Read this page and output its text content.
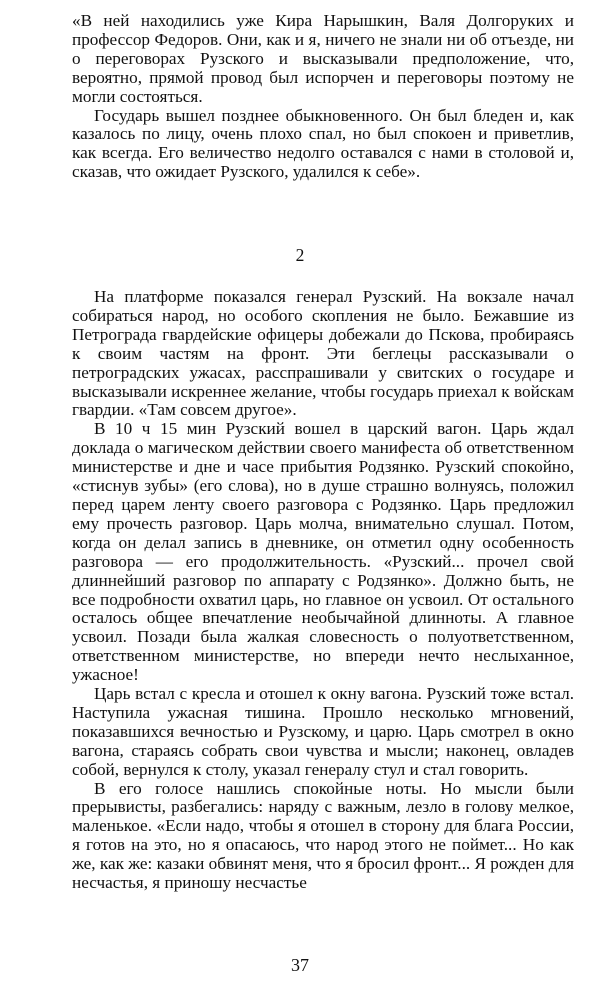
«В ней находились уже Кира Нарышкин, Валя Долгоруких и профессор Федоров. Они, как и я, ничего не знали ни об отъезде, ни о переговорах Рузского и высказывали предположение, что, вероятно, прямой провод был испорчен и переговоры поэтому не могли состояться.

Государь вышел позднее обыкновенного. Он был бледен и, как казалось по лицу, очень плохо спал, но был спокоен и приветлив, как всегда. Его величество недолго оставался с нами в столовой и, сказав, что ожидает Рузского, удалился к себе».

2

На платформе показался генерал Рузский. На вокзале начал собираться народ, но особого скопления не было. Бежавшие из Петрограда гвардейские офицеры добежали до Пскова, пробираясь к своим частям на фронт. Эти беглецы рассказывали о петроградских ужасах, расспрашивали у свитских о государе и высказывали искреннее желание, чтобы государь приехал к войскам гвардии. «Там совсем другое».

В 10 ч 15 мин Рузский вошел в царский вагон. Царь ждал доклада о магическом действии своего манифеста об ответственном министерстве и дне и часе прибытия Родзянко. Рузский спокойно, «стиснув зубы» (его слова), но в душе страшно волнуясь, положил перед царем ленту своего разговора с Родзянко. Царь предложил ему прочесть разговор. Царь молча, внимательно слушал. Потом, когда он делал запись в дневнике, он отметил одну особенность разговора — его продолжительность. «Рузский... прочел свой длиннейший разговор по аппарату с Родзянко». Должно быть, не все подробности охватил царь, но главное он усвоил. От остального осталось общее впечатление необычайной длинноты. А главное усвоил. Позади была жалкая словесность о полуответственном, ответственном министерстве, но впереди нечто неслыханное, ужасное!

Царь встал с кресла и отошел к окну вагона. Рузский тоже встал. Наступила ужасная тишина. Прошло несколько мгновений, показавшихся вечностью и Рузскому, и царю. Царь смотрел в окно вагона, стараясь собрать свои чувства и мысли; наконец, овладев собой, вернулся к столу, указал генералу стул и стал говорить.

В его голосе нашлись спокойные ноты. Но мысли были прерывисты, разбегались: наряду с важным, лезло в голову мелкое, маленькое. «Если надо, чтобы я отошел в сторону для блага России, я готов на это, но я опасаюсь, что народ этого не поймет... Но как же, как же: казаки обвинят меня, что я бросил фронт... Я рожден для несчастья, я приношу несчастье

37
